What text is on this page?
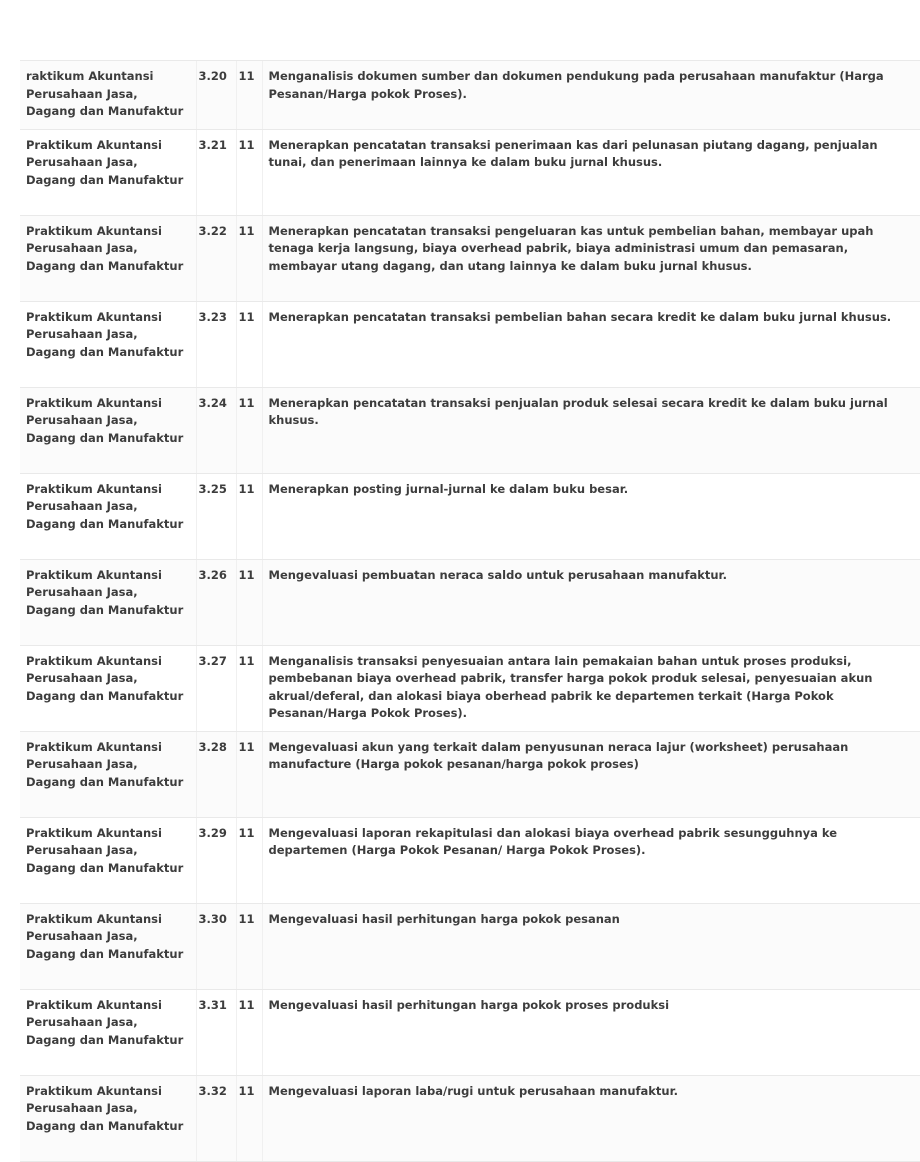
raktikum Akuntansi Perusahaan Jasa, Dagang dan Manufaktur	3.20	11	Menganalisis dokumen sumber dan dokumen pendukung pada perusahaan manufaktur (Harga Pesanan/Harga pokok Proses).
Praktikum Akuntansi Perusahaan Jasa, Dagang dan Manufaktur	3.21	11	Menerapkan pencatatan transaksi penerimaan kas dari pelunasan piutang dagang, penjualan tunai, dan penerimaan lainnya ke dalam buku jurnal khusus.
Praktikum Akuntansi Perusahaan Jasa, Dagang dan Manufaktur	3.22	11	Menerapkan pencatatan transaksi pengeluaran kas untuk pembelian bahan, membayar upah tenaga kerja langsung, biaya overhead pabrik, biaya administrasi umum dan pemasaran, membayar utang dagang, dan utang lainnya ke dalam buku jurnal khusus.
Praktikum Akuntansi Perusahaan Jasa, Dagang dan Manufaktur	3.23	11	Menerapkan pencatatan transaksi pembelian bahan secara kredit ke dalam buku jurnal khusus.
Praktikum Akuntansi Perusahaan Jasa, Dagang dan Manufaktur	3.24	11	Menerapkan pencatatan transaksi penjualan produk selesai secara kredit ke dalam buku jurnal khusus.
Praktikum Akuntansi Perusahaan Jasa, Dagang dan Manufaktur	3.25	11	Menerapkan posting jurnal-jurnal ke dalam buku besar.
Praktikum Akuntansi Perusahaan Jasa, Dagang dan Manufaktur	3.26	11	Mengevaluasi pembuatan neraca saldo untuk perusahaan manufaktur.
Praktikum Akuntansi Perusahaan Jasa, Dagang dan Manufaktur	3.27	11	Menganalisis transaksi penyesuaian antara lain pemakaian bahan untuk proses produksi, pembebanan biaya overhead pabrik, transfer harga pokok produk selesai, penyesuaian akun akrual/deferal, dan alokasi biaya oberhead pabrik ke departemen terkait (Harga Pokok Pesanan/Harga Pokok Proses).
Praktikum Akuntansi Perusahaan Jasa, Dagang dan Manufaktur	3.28	11	Mengevaluasi akun yang terkait dalam penyusunan neraca lajur (worksheet) perusahaan manufacture (Harga pokok pesanan/harga pokok proses)
Praktikum Akuntansi Perusahaan Jasa, Dagang dan Manufaktur	3.29	11	Mengevaluasi laporan rekapitulasi dan alokasi biaya overhead pabrik sesungguhnya ke departemen (Harga Pokok Pesanan/ Harga Pokok Proses).
Praktikum Akuntansi Perusahaan Jasa, Dagang dan Manufaktur	3.30	11	Mengevaluasi hasil perhitungan harga pokok pesanan
Praktikum Akuntansi Perusahaan Jasa, Dagang dan Manufaktur	3.31	11	Mengevaluasi hasil perhitungan harga pokok proses produksi
Praktikum Akuntansi Perusahaan Jasa, Dagang dan Manufaktur	3.32	11	Mengevaluasi laporan laba/rugi untuk perusahaan manufaktur.
